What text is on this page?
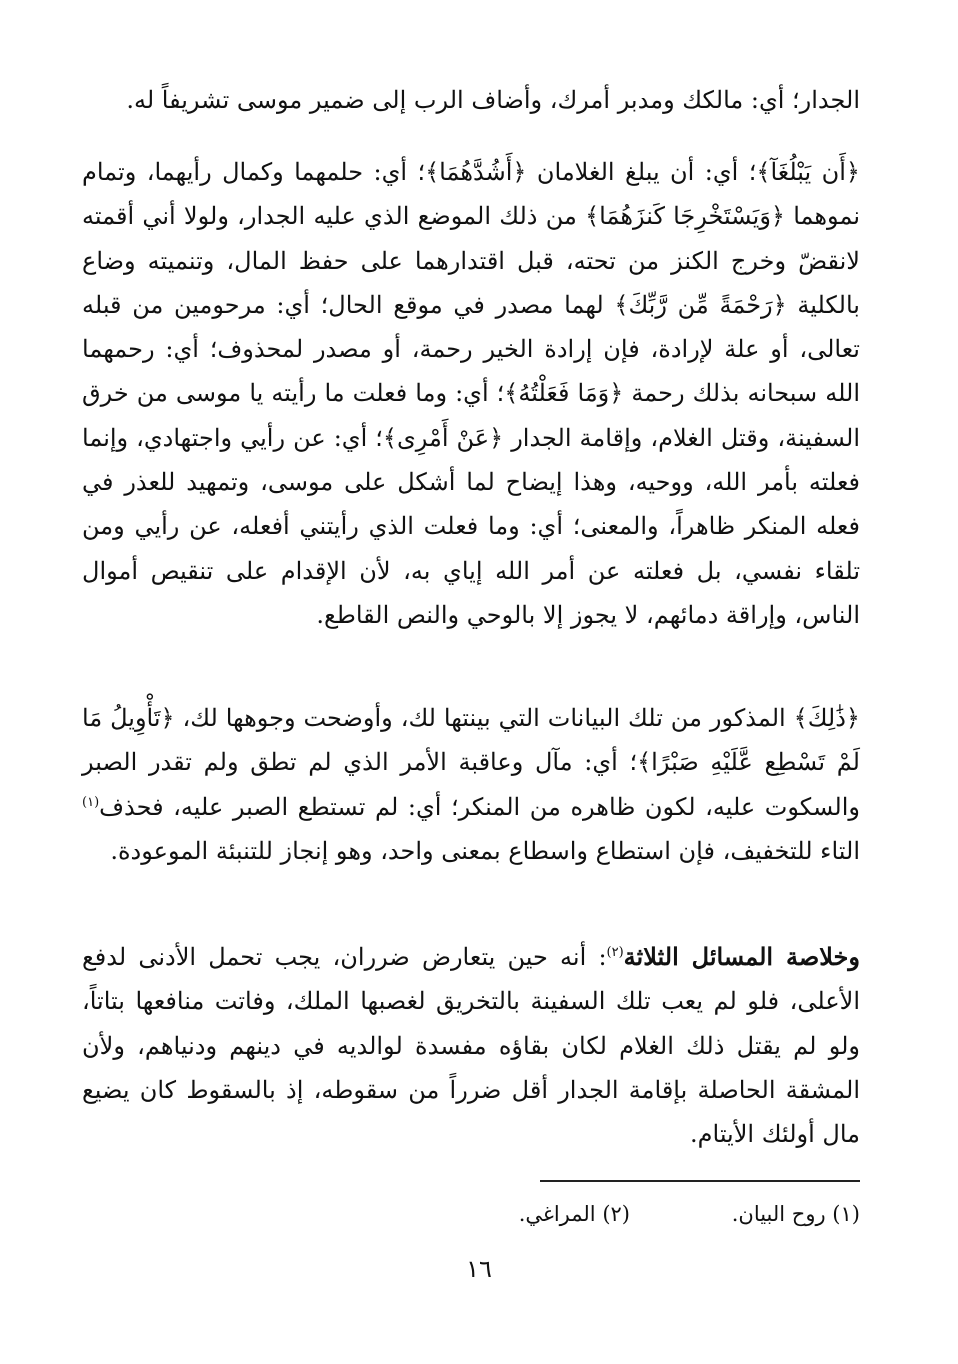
الجدار؛ أي: مالكك ومدبر أمرك، وأضاف الرب إلى ضمير موسى تشريفاً له.

﴿أَن يَبْلُغَآ﴾؛ أي: أن يبلغ الغلامان ﴿أَشُدَّهُمَا﴾؛ أي: حلمهما وكمال رأيهما، وتمام نموهما ﴿وَيَسْتَخْرِجَا كَنزَهُمَا﴾ من ذلك الموضع الذي عليه الجدار، ولولا أني أقمته لانقضّ وخرج الكنز من تحته، قبل اقتدارهما على حفظ المال، وتنميته وضاع بالكلية ﴿رَحْمَةً مِّن رَّبِّكَ﴾ لهما مصدر في موقع الحال؛ أي: مرحومين من قبله تعالى، أو علة لإرادة، فإن إرادة الخير رحمة، أو مصدر لمحذوف؛ أي: رحمهما الله سبحانه بذلك رحمة ﴿وَمَا فَعَلْتُهُ﴾؛ أي: وما فعلت ما رأيته يا موسى من خرق السفينة، وقتل الغلام، وإقامة الجدار ﴿عَنْ أَمْرِى﴾؛ أي: عن رأيي واجتهادي، وإنما فعلته بأمر الله، ووحيه، وهذا إيضاح لما أشكل على موسى، وتمهيد للعذر في فعله المنكر ظاهراً، والمعنى؛ أي: وما فعلت الذي رأيتني أفعله، عن رأيي ومن تلقاء نفسي، بل فعلته عن أمر الله إياي به، لأن الإقدام على تنقيص أموال الناس، وإراقة دمائهم، لا يجوز إلا بالوحي والنص القاطع.

﴿ذَٰلِكَ﴾ المذكور من تلك البيانات التي بينتها لك، وأوضحت وجوهها لك، ﴿تَأْوِيلُ مَا لَمْ تَسْطِع عَّلَيْهِ صَبْرًا﴾؛ أي: مآل وعاقبة الأمر الذي لم تطق ولم تقدر الصبر والسكوت عليه، لكون ظاهره من المنكر؛ أي: لم تستطع الصبر عليه، فحذف$^{(١)}$ التاء للتخفيف، فإن استطاع واسطاع بمعنى واحد، وهو إنجاز للتنبئة الموعودة.

وخلاصة المسائل الثلاثة$^{(٢)}$: أنه حين يتعارض ضرران، يجب تحمل الأدنى لدفع الأعلى، فلو لم يعب تلك السفينة بالتخريق لغصبها الملك، وفاتت منافعها بتاتاً، ولو لم يقتل ذلك الغلام لكان بقاؤه مفسدة لوالديه في دينهم ودنياهم، ولأن المشقة الحاصلة بإقامة الجدار أقل ضرراً من سقوطه، إذ بالسقوط كان يضيع مال أولئك الأيتام.

(١) روح البيان.
(٢) المراغي.
١٦
